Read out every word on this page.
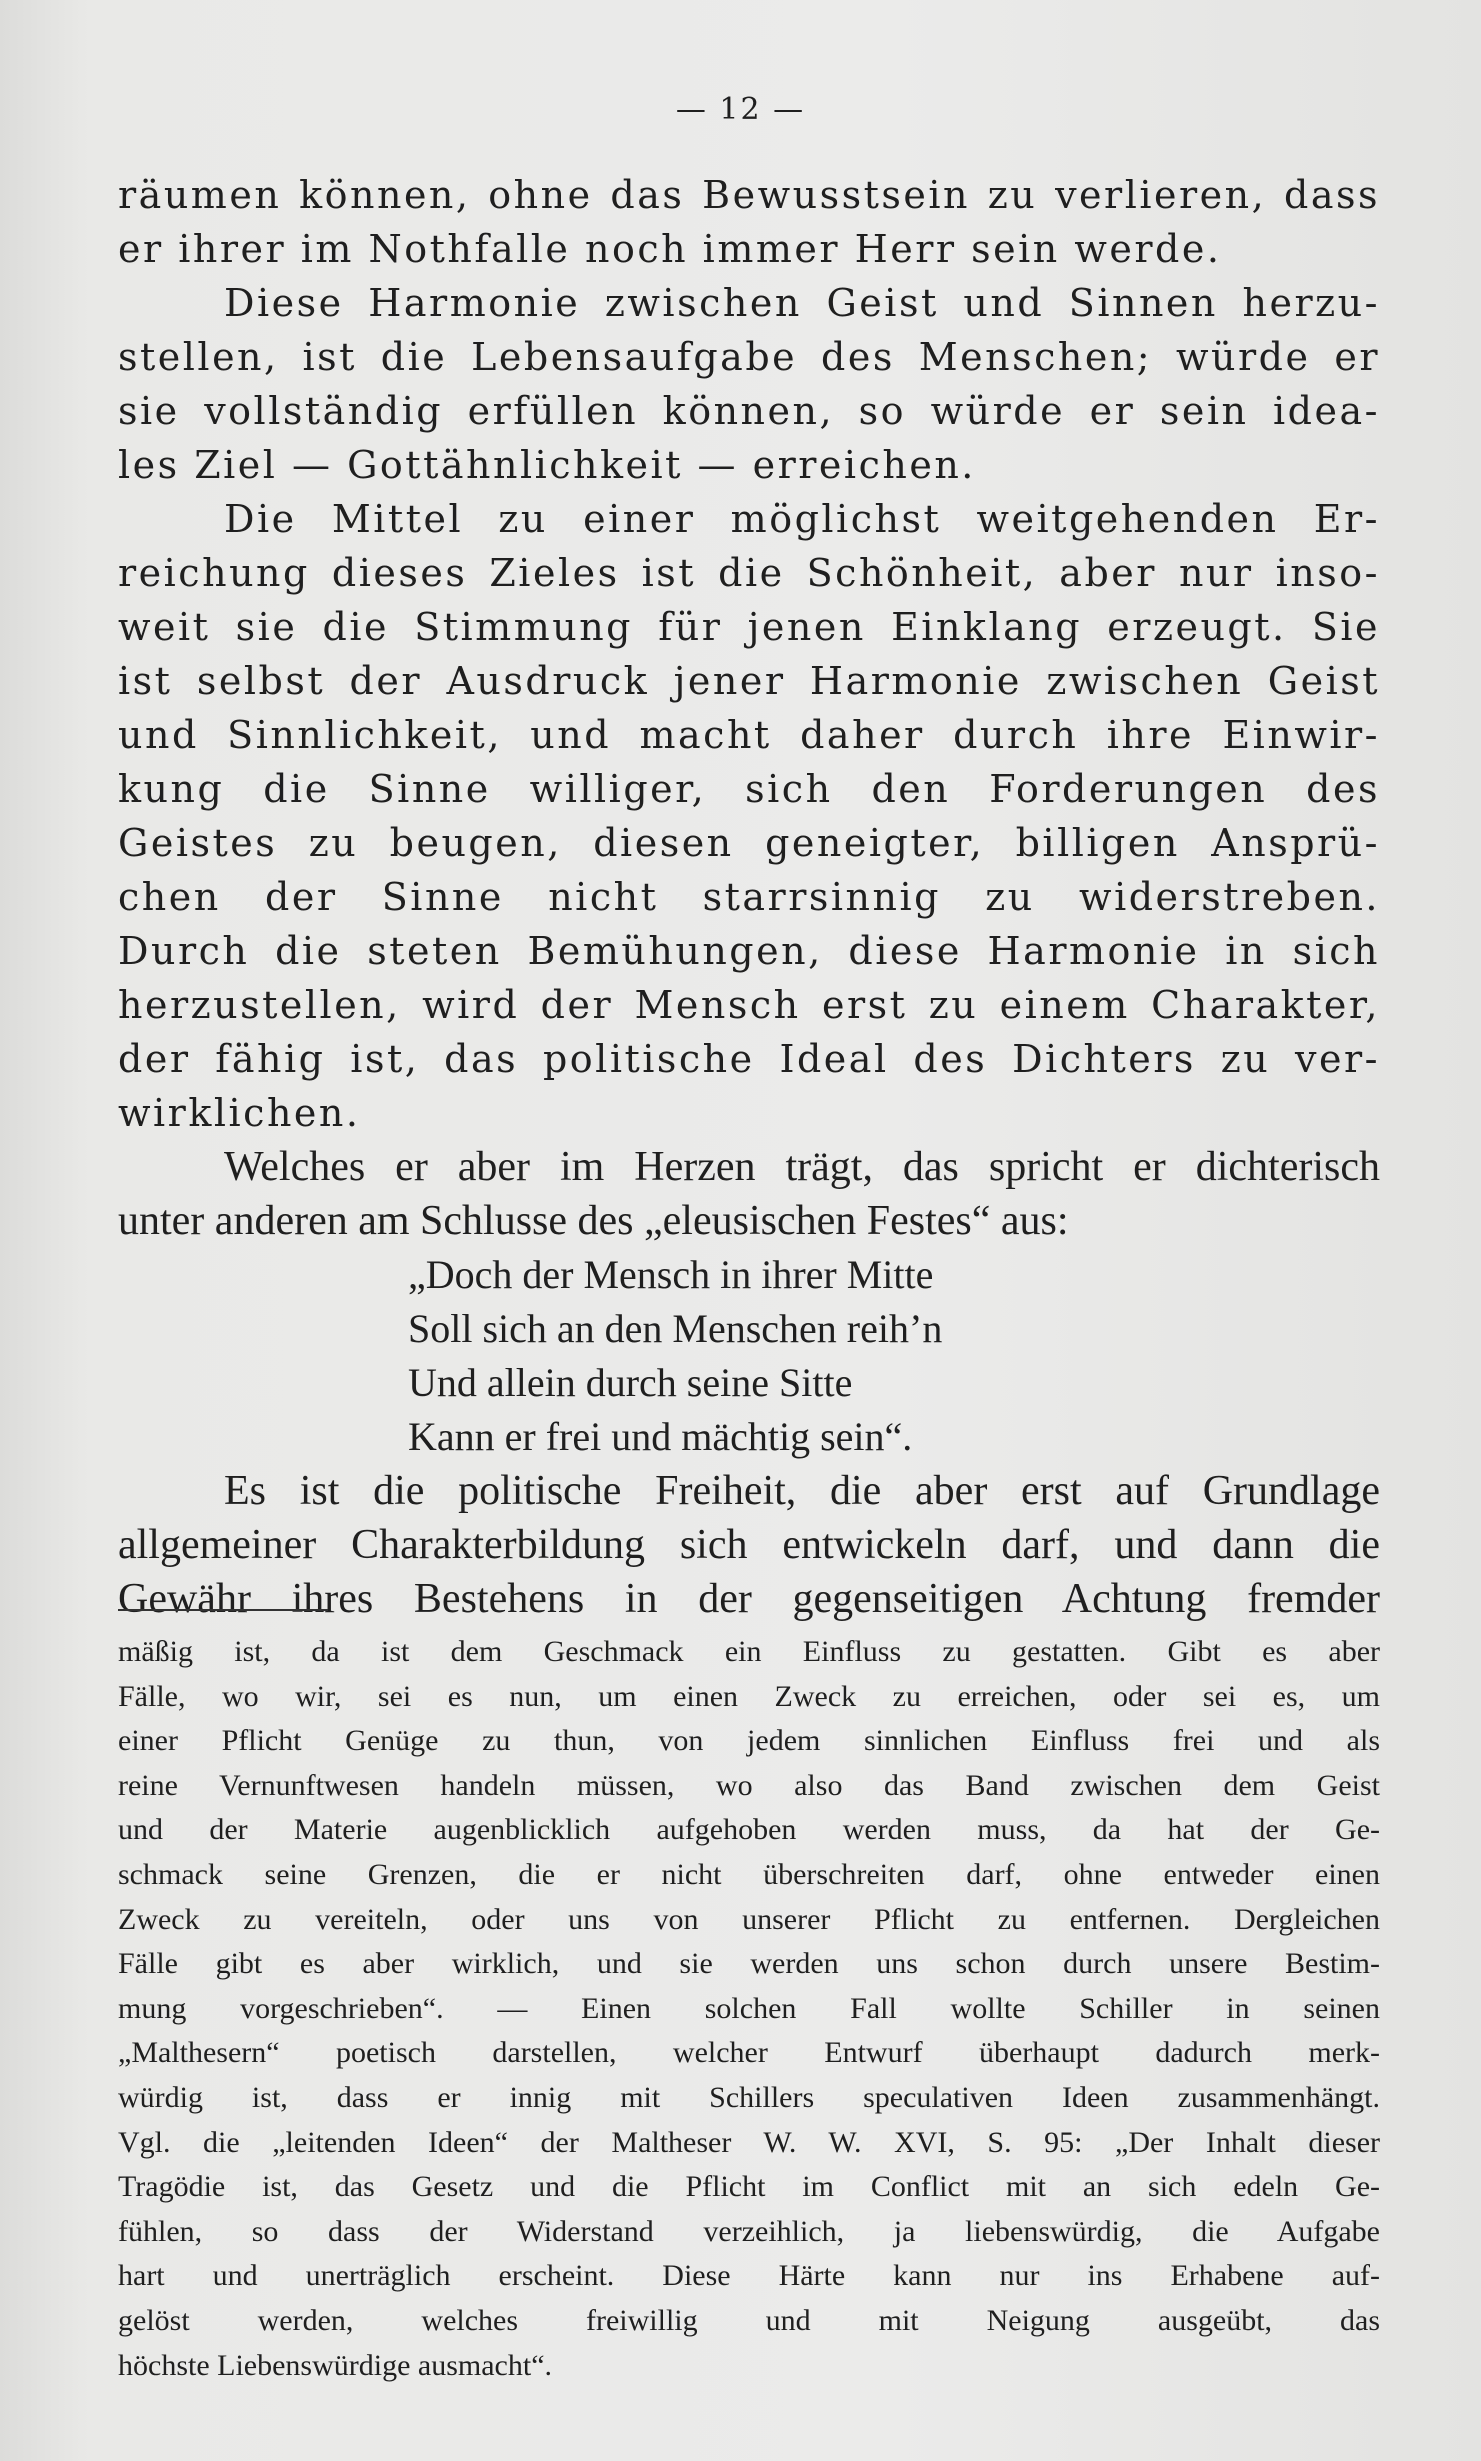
— 12 —
räumen können, ohne das Bewusstsein zu verlieren, dass
er ihrer im Nothfalle noch immer Herr sein werde.
Diese Harmonie zwischen Geist und Sinnen herzu-
stellen, ist die Lebensaufgabe des Menschen; würde er
sie vollständig erfüllen können, so würde er sein idea-
les Ziel — Gottähnlichkeit — erreichen.
Die Mittel zu einer möglichst weitgehenden Er-
reichung dieses Zieles ist die Schönheit, aber nur inso-
weit sie die Stimmung für jenen Einklang erzeugt. Sie
ist selbst der Ausdruck jener Harmonie zwischen Geist
und Sinnlichkeit, und macht daher durch ihre Einwir-
kung die Sinne williger, sich den Forderungen des
Geistes zu beugen, diesen geneigter, billigen Ansprü-
chen der Sinne nicht starrsinnig zu widerstreben.
Durch die steten Bemühungen, diese Harmonie in sich
herzustellen, wird der Mensch erst zu einem Charakter,
der fähig ist, das politische Ideal des Dichters zu ver-
wirklichen.
Welches er aber im Herzen trägt, das spricht er dichterisch
unter anderen am Schlusse des „eleusischen Festes“ aus:
„Doch der Mensch in ihrer Mitte
Soll sich an den Menschen reih’n
Und allein durch seine Sitte
Kann er frei und mächtig sein“.
Es ist die politische Freiheit, die aber erst auf Grundlage
allgemeiner Charakterbildung sich entwickeln darf, und dann die
Gewähr ihres Bestehens in der gegenseitigen Achtung fremder
mäßig ist, da ist dem Geschmack ein Einfluss zu gestatten. Gibt es aber
Fälle, wo wir, sei es nun, um einen Zweck zu erreichen, oder sei es, um
einer Pflicht Genüge zu thun, von jedem sinnlichen Einfluss frei und als
reine Vernunftwesen handeln müssen, wo also das Band zwischen dem Geist
und der Materie augenblicklich aufgehoben werden muss, da hat der Ge-
schmack seine Grenzen, die er nicht überschreiten darf, ohne entweder einen
Zweck zu vereiteln, oder uns von unserer Pflicht zu entfernen. Dergleichen
Fälle gibt es aber wirklich, und sie werden uns schon durch unsere Bestim-
mung vorgeschrieben“. — Einen solchen Fall wollte Schiller in seinen
„Malthesern“ poetisch darstellen, welcher Entwurf überhaupt dadurch merk-
würdig ist, dass er innig mit Schillers speculativen Ideen zusammenhängt.
Vgl. die „leitenden Ideen“ der Maltheser W. W. XVI, S. 95: „Der Inhalt dieser
Tragödie ist, das Gesetz und die Pflicht im Conflict mit an sich edeln Ge-
fühlen, so dass der Widerstand verzeihlich, ja liebenswürdig, die Aufgabe
hart und unerträglich erscheint. Diese Härte kann nur ins Erhabene auf-
gelöst werden, welches freiwillig und mit Neigung ausgeübt, das
höchste Liebenswürdige ausmacht“.
